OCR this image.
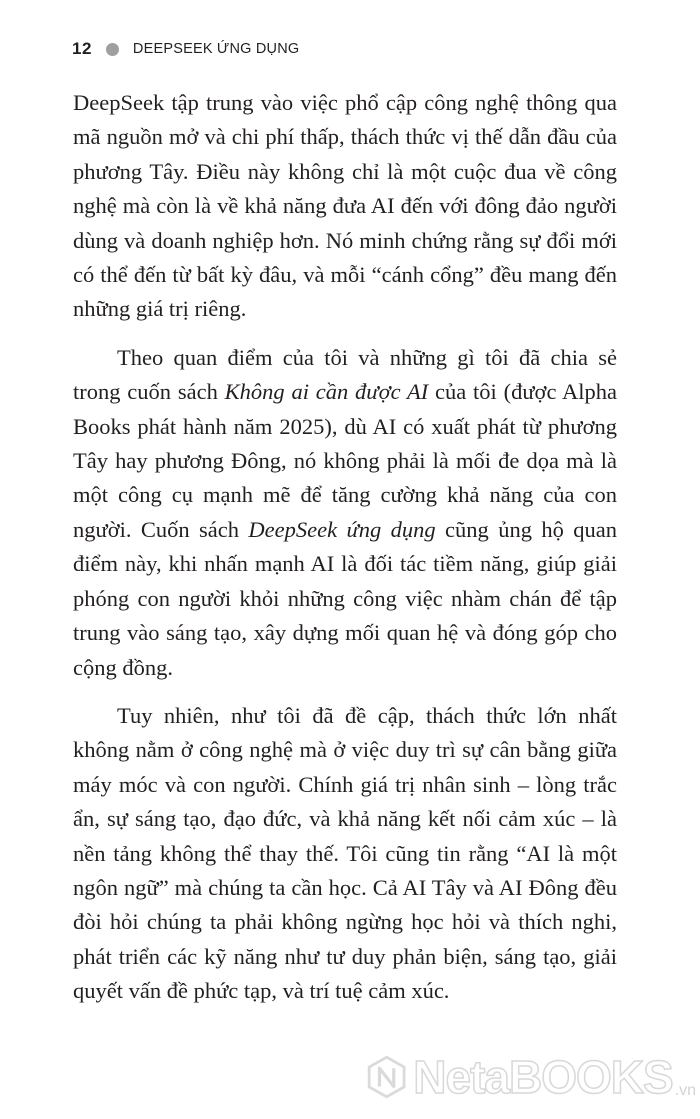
12	DEEPSEEK ỨNG DỤNG

DeepSeek tập trung vào việc phổ cập công nghệ thông qua mã nguồn mở và chi phí thấp, thách thức vị thế dẫn đầu của phương Tây. Điều này không chỉ là một cuộc đua về công nghệ mà còn là về khả năng đưa AI đến với đông đảo người dùng và doanh nghiệp hơn. Nó minh chứng rằng sự đổi mới có thể đến từ bất kỳ đâu, và mỗi “cánh cổng” đều mang đến những giá trị riêng.

Theo quan điểm của tôi và những gì tôi đã chia sẻ trong cuốn sách Không ai cần được AI của tôi (được Alpha Books phát hành năm 2025), dù AI có xuất phát từ phương Tây hay phương Đông, nó không phải là mối đe dọa mà là một công cụ mạnh mẽ để tăng cường khả năng của con người. Cuốn sách DeepSeek ứng dụng cũng ủng hộ quan điểm này, khi nhấn mạnh AI là đối tác tiềm năng, giúp giải phóng con người khỏi những công việc nhàm chán để tập trung vào sáng tạo, xây dựng mối quan hệ và đóng góp cho cộng đồng.

Tuy nhiên, như tôi đã đề cập, thách thức lớn nhất không nằm ở công nghệ mà ở việc duy trì sự cân bằng giữa máy móc và con người. Chính giá trị nhân sinh – lòng trắc ẩn, sự sáng tạo, đạo đức, và khả năng kết nối cảm xúc – là nền tảng không thể thay thế. Tôi cũng tin rằng “AI là một ngôn ngữ” mà chúng ta cần học. Cả AI Tây và AI Đông đều đòi hỏi chúng ta phải không ngừng học hỏi và thích nghi, phát triển các kỹ năng như tư duy phản biện, sáng tạo, giải quyết vấn đề phức tạp, và trí tuệ cảm xúc.

NetaBOOKS .vn
